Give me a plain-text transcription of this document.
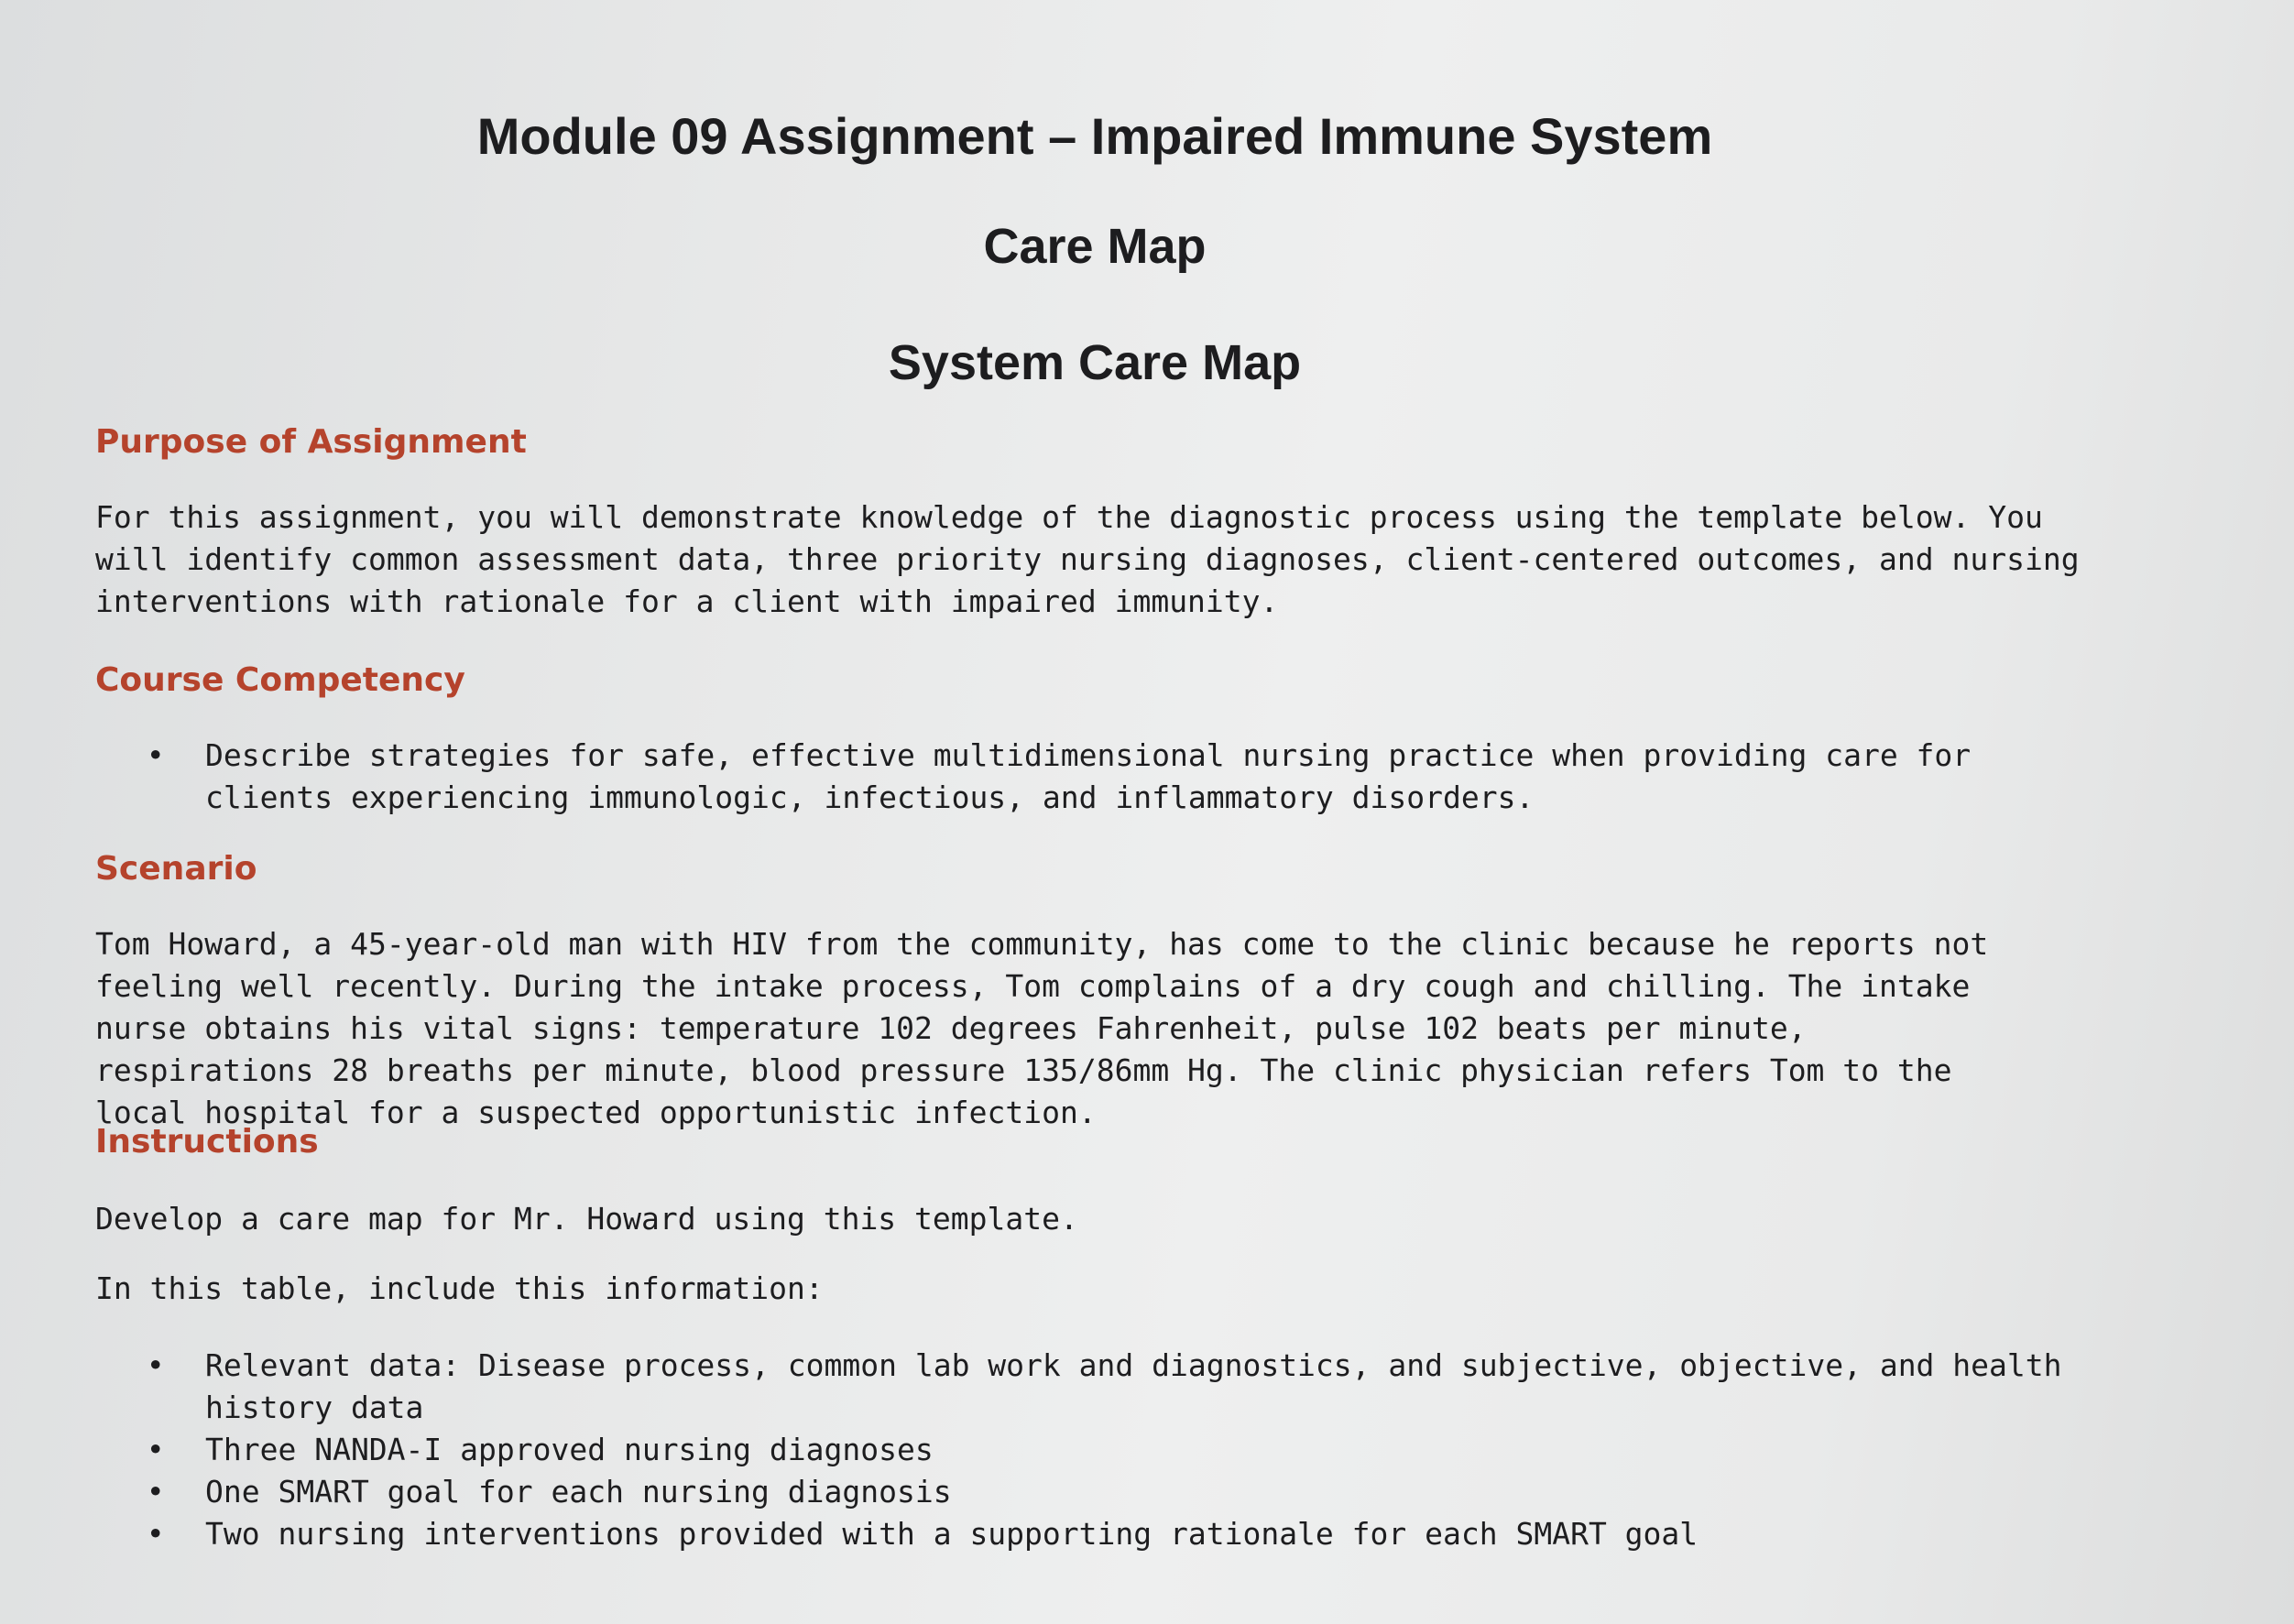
Module 09 Assignment – Impaired Immune System
Care Map
System Care Map
Purpose of Assignment

For this assignment, you will demonstrate knowledge of the diagnostic process using the template below. You will identify common assessment data, three priority nursing diagnoses, client-centered outcomes, and nursing interventions with rationale for a client with impaired immunity.

Course Competency
• Describe strategies for safe, effective multidimensional nursing practice when providing care for clients experiencing immunologic, infectious, and inflammatory disorders.
Scenario

Tom Howard, a 45-year-old man with HIV from the community, has come to the clinic because he reports not feeling well recently. During the intake process, Tom complains of a dry cough and chilling. The intake nurse obtains his vital signs: temperature 102 degrees Fahrenheit, pulse 102 beats per minute, respirations 28 breaths per minute, blood pressure 135/86mm Hg. The clinic physician refers Tom to the local hospital for a suspected opportunistic infection.

Instructions

Develop a care map for Mr. Howard using this template.

In this table, include this information:

• Relevant data: Disease process, common lab work and diagnostics, and subjective, objective, and health history data
• Three NANDA-I approved nursing diagnoses
• One SMART goal for each nursing diagnosis
• Two nursing interventions provided with a supporting rationale for each SMART goal
